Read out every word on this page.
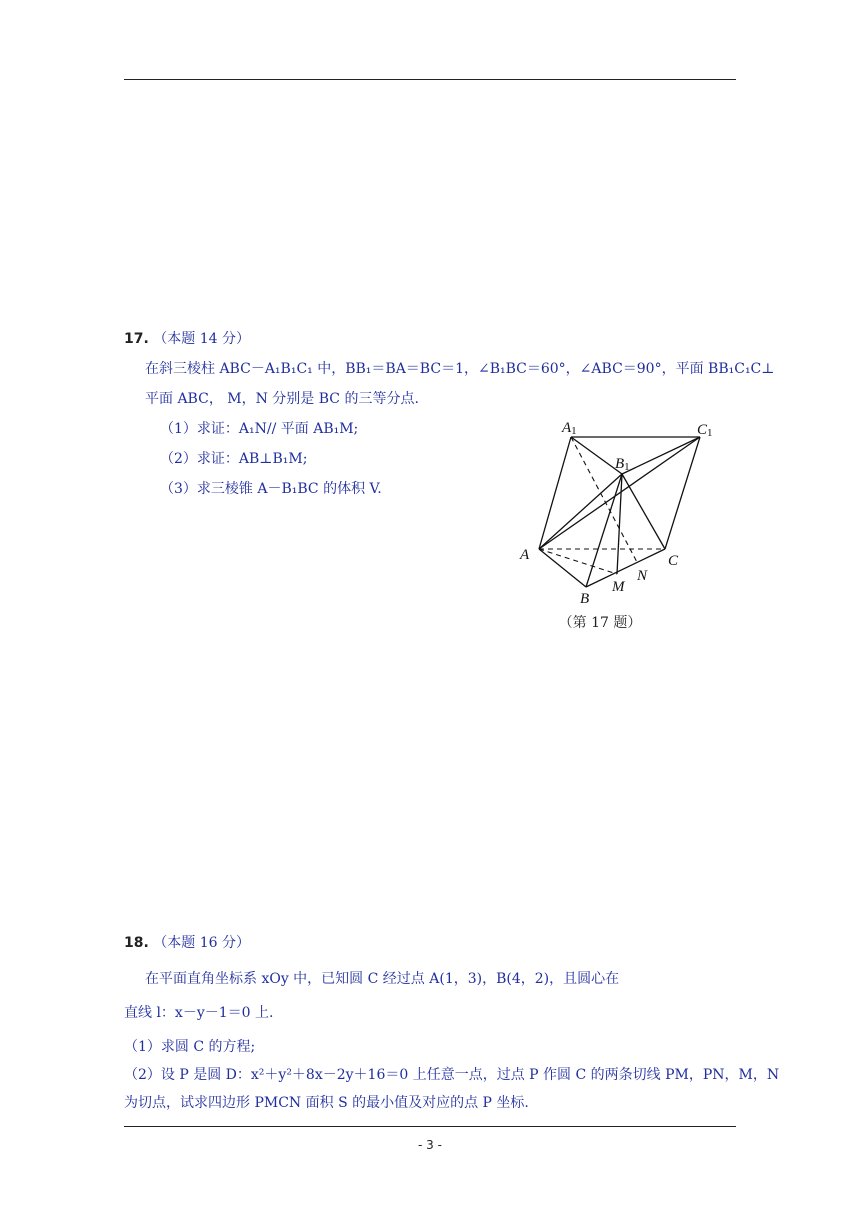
17. （本题 14 分）
在斜三棱柱 ABC－A₁B₁C₁ 中，BB₁＝BA＝BC＝1，∠B₁BC＝60°，∠ABC＝90°，平面 BB₁C₁C⊥
平面 ABC， M，N 分别是 BC 的三等分点.
（1）求证：A₁N// 平面 AB₁M;
（2）求证：AB⊥B₁M;
（3）求三棱锥 A－B₁BC 的体积 V.
A1	C1
B1
A	C
N
M
B
（第 17 题）
18. （本题 16 分）
在平面直角坐标系 xOy 中，已知圆 C 经过点 A(1，3)，B(4，2)，且圆心在
直线 l：x－y－1＝0 上.
（1）求圆 C 的方程;
（2）设 P 是圆 D：x²＋y²＋8x－2y＋16＝0 上任意一点，过点 P 作圆 C 的两条切线 PM，PN，M，N
为切点，试求四边形 PMCN 面积 S 的最小值及对应的点 P 坐标.
- 3 -
